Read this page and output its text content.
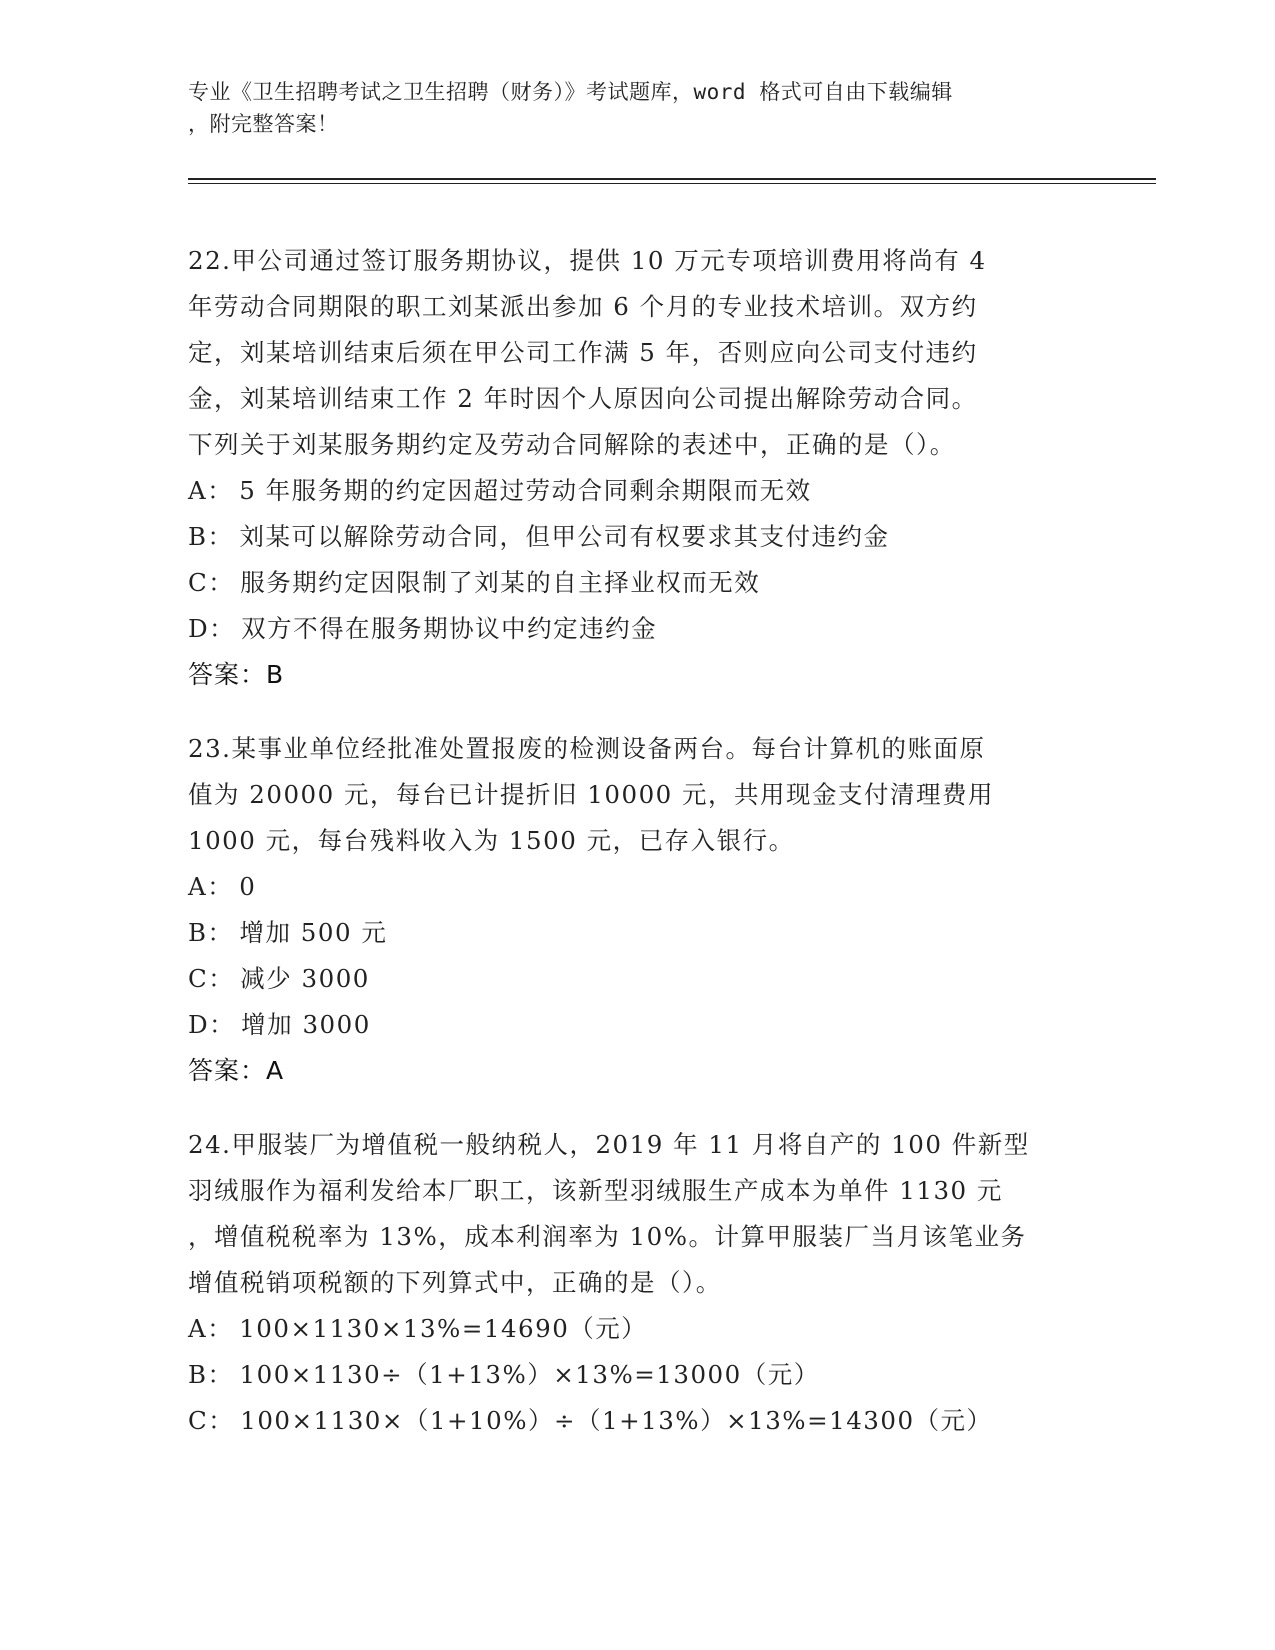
专业《卫生招聘考试之卫生招聘（财务）》考试题库，word 格式可自由下载编辑
，附完整答案！

22.甲公司通过签订服务期协议，提供 10 万元专项培训费用将尚有 4

年劳动合同期限的职工刘某派出参加 6 个月的专业技术培训。双方约

定，刘某培训结束后须在甲公司工作满 5 年，否则应向公司支付违约

金，刘某培训结束工作 2 年时因个人原因向公司提出解除劳动合同。

下列关于刘某服务期约定及劳动合同解除的表述中，正确的是（）。

A： 5 年服务期的约定因超过劳动合同剩余期限而无效

B： 刘某可以解除劳动合同，但甲公司有权要求其支付违约金

C： 服务期约定因限制了刘某的自主择业权而无效

D： 双方不得在服务期协议中约定违约金

答案：B

23.某事业单位经批准处置报废的检测设备两台。每台计算机的账面原

值为 20000 元，每台已计提折旧 10000 元，共用现金支付清理费用

1000 元，每台残料收入为 1500 元，已存入银行。

A： 0

B： 增加 500 元

C： 减少 3000

D： 增加 3000

答案：A

24.甲服装厂为增值税一般纳税人，2019 年 11 月将自产的 100 件新型

羽绒服作为福利发给本厂职工，该新型羽绒服生产成本为单件 1130 元

，增值税税率为 13%，成本利润率为 10%。计算甲服装厂当月该笔业务

增值税销项税额的下列算式中，正确的是（）。

A： 100×1130×13%=14690（元）

B： 100×1130÷（1+13%）×13%=13000（元）

C： 100×1130×（1+10%）÷（1+13%）×13%=14300（元）
